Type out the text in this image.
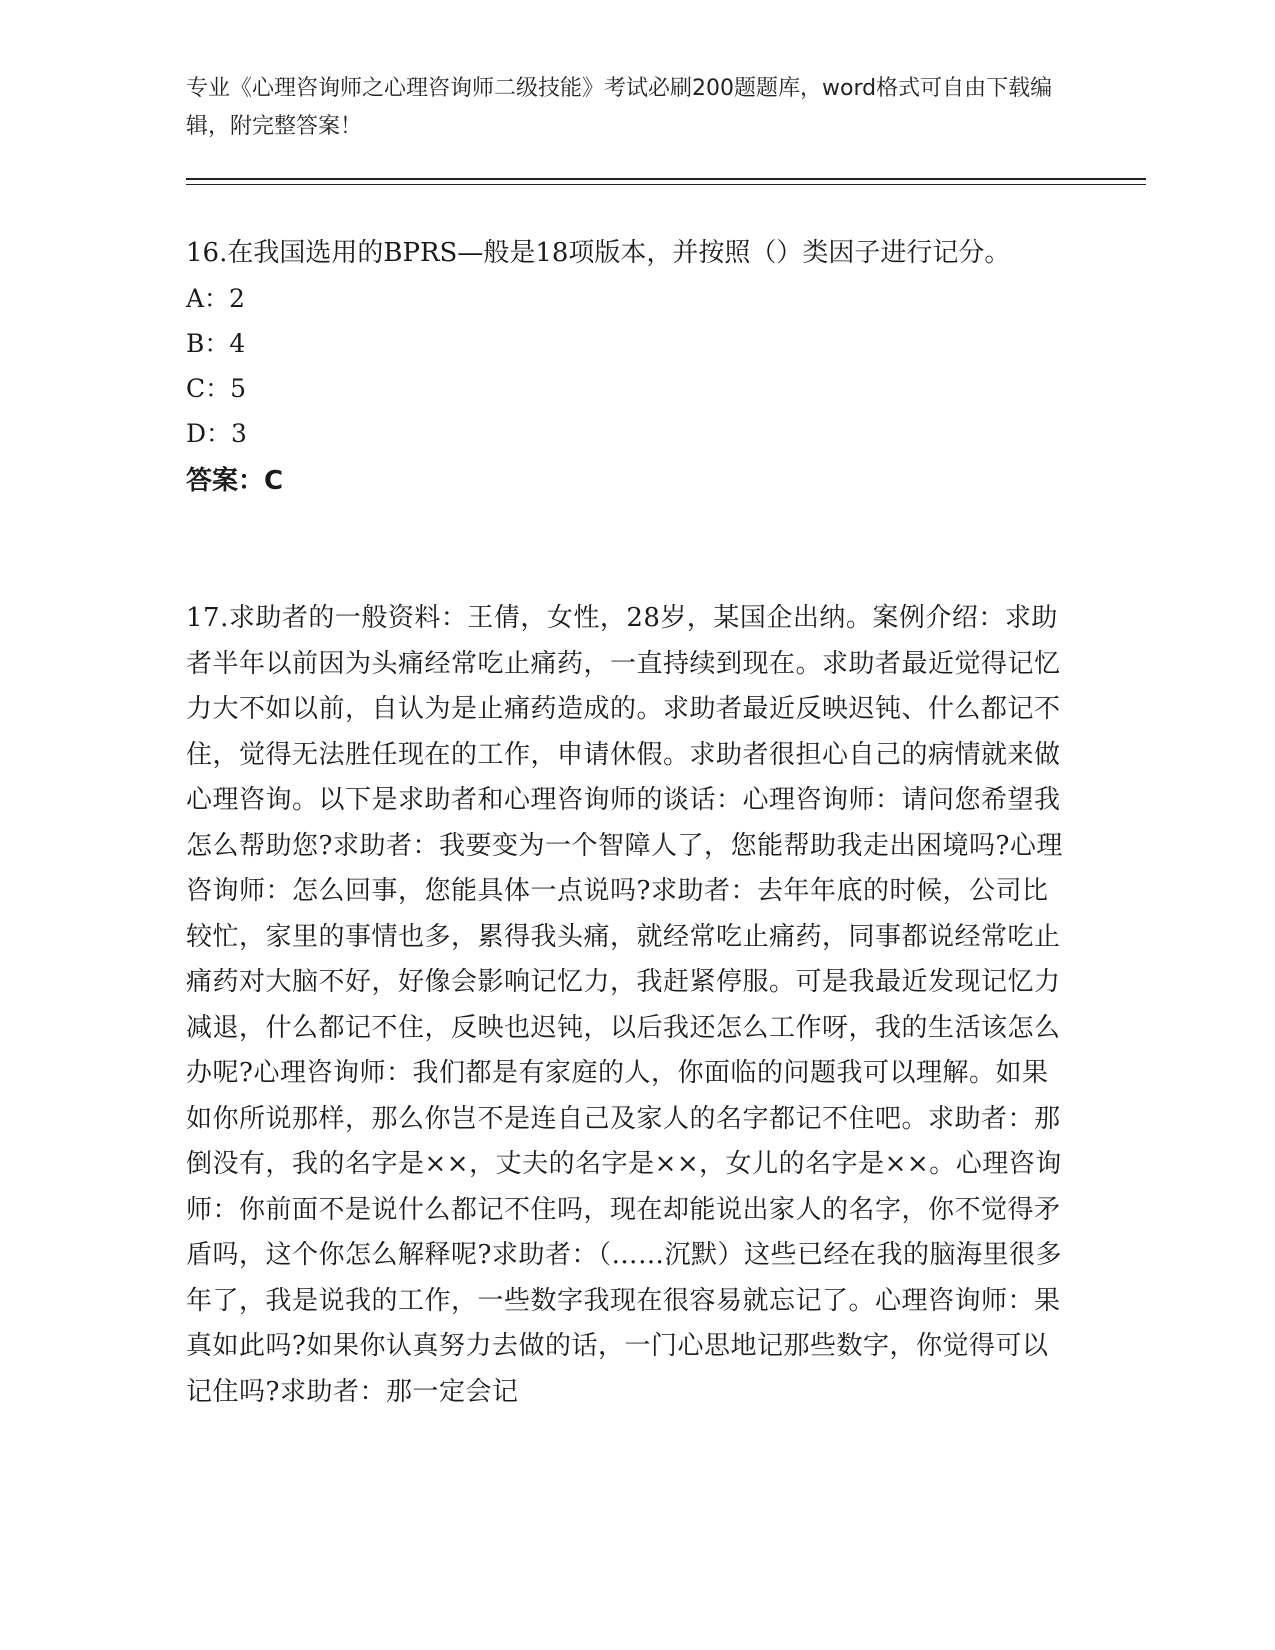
专业《心理咨询师之心理咨询师二级技能》考试必刷200题题库，word格式可自由下载编辑，附完整答案！
16.在我国选用的BPRS—般是18项版本，并按照（）类因子进行记分。
A：2
B：4
C：5
D：3
答案：C
17.求助者的一般资料：王倩，女性，28岁，某国企出纳。案例介绍：求助者半年以前因为头痛经常吃止痛药，一直持续到现在。求助者最近觉得记忆力大不如以前，自认为是止痛药造成的。求助者最近反映迟钝、什么都记不住，觉得无法胜任现在的工作，申请休假。求助者很担心自己的病情就来做心理咨询。以下是求助者和心理咨询师的谈话：心理咨询师：请问您希望我怎么帮助您?求助者：我要变为一个智障人了，您能帮助我走出困境吗?心理咨询师：怎么回事，您能具体一点说吗?求助者：去年年底的时候，公司比较忙，家里的事情也多，累得我头痛，就经常吃止痛药，同事都说经常吃止痛药对大脑不好，好像会影响记忆力，我赶紧停服。可是我最近发现记忆力减退，什么都记不住，反映也迟钝，以后我还怎么工作呀，我的生活该怎么办呢?心理咨询师：我们都是有家庭的人，你面临的问题我可以理解。如果如你所说那样，那么你岂不是连自己及家人的名字都记不住吧。求助者：那倒没有，我的名字是××，丈夫的名字是××，女儿的名字是××。心理咨询师：你前面不是说什么都记不住吗，现在却能说出家人的名字，你不觉得矛盾吗，这个你怎么解释呢?求助者：（……沉默）这些已经在我的脑海里很多年了，我是说我的工作，一些数字我现在很容易就忘记了。心理咨询师：果真如此吗?如果你认真努力去做的话，一门心思地记那些数字，你觉得可以记住吗?求助者：那一定会记
